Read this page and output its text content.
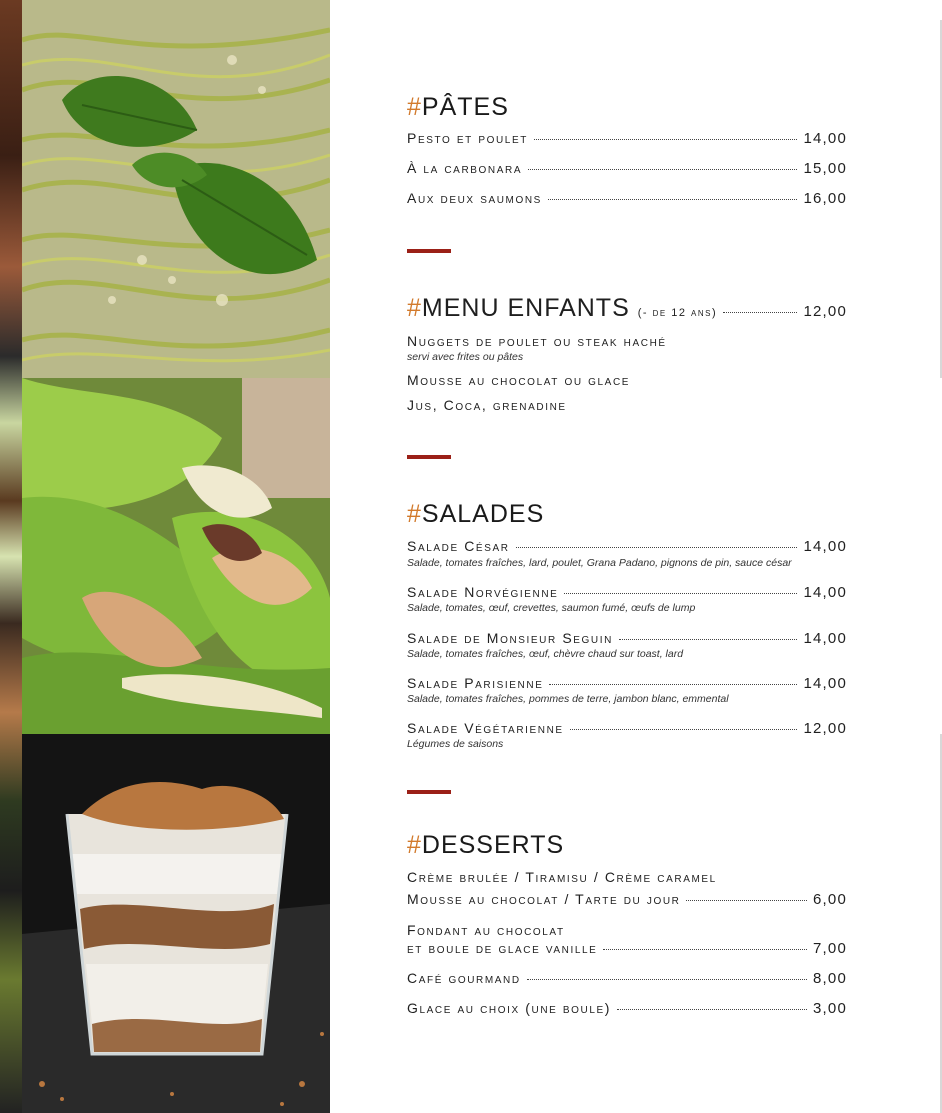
#PÂTES
Pesto et poulet	14,00
À la carbonara	15,00
Aux deux saumons	16,00
#MENU ENFANTS (- de 12 ans)	12,00
Nuggets de poulet ou steak haché
servi avec frites ou pâtes
Mousse au chocolat ou glace
Jus, Coca, grenadine
#SALADES
Salade César	14,00
Salade, tomates fraîches, lard, poulet, Grana Padano, pignons de pin, sauce césar
Salade Norvégienne	14,00
Salade, tomates, œuf, crevettes, saumon fumé, œufs de lump
Salade de Monsieur Seguin	14,00
Salade, tomates fraîches, œuf, chèvre chaud sur toast, lard
Salade Parisienne	14,00
Salade, tomates fraîches, pommes de terre, jambon blanc, emmental
Salade Végétarienne	12,00
Légumes de saisons
#DESSERTS
Crème brulée / Tiramisu / Crème caramel
Mousse au chocolat / Tarte du jour	6,00
Fondant au chocolat
et boule de glace vanille	7,00
Café gourmand	8,00
Glace au choix (une boule)	3,00
